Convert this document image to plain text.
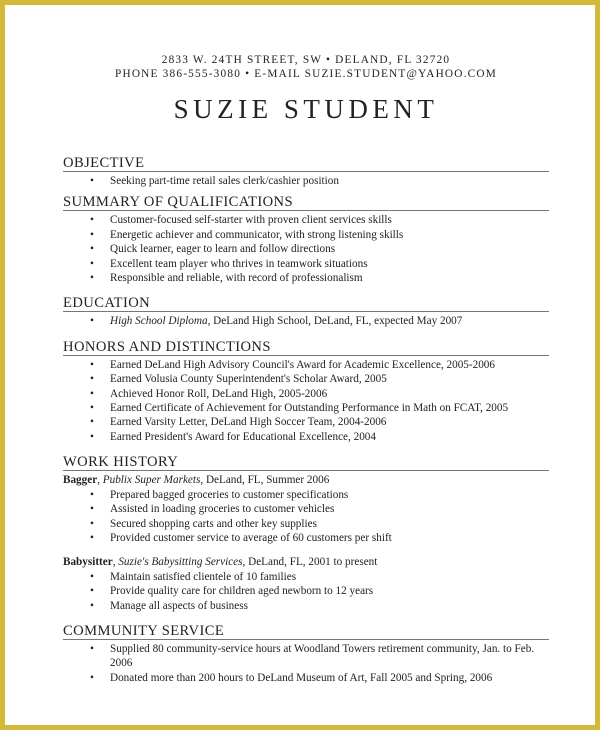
2833 W. 24TH STREET, SW • DELAND, FL 32720
PHONE 386-555-3080 • E-MAIL SUZIE.STUDENT@YAHOO.COM
SUZIE STUDENT
OBJECTIVE
• Seeking part-time retail sales clerk/cashier position
SUMMARY OF QUALIFICATIONS
• Customer-focused self-starter with proven client services skills
• Energetic achiever and communicator, with strong listening skills
• Quick learner, eager to learn and follow directions
• Excellent team player who thrives in teamwork situations
• Responsible and reliable, with record of professionalism
EDUCATION
• High School Diploma, DeLand High School, DeLand, FL, expected May 2007
HONORS AND DISTINCTIONS
• Earned DeLand High Advisory Council's Award for Academic Excellence, 2005-2006
• Earned Volusia County Superintendent's Scholar Award, 2005
• Achieved Honor Roll, DeLand High, 2005-2006
• Earned Certificate of Achievement for Outstanding Performance in Math on FCAT, 2005
• Earned Varsity Letter, DeLand High Soccer Team, 2004-2006
• Earned President's Award for Educational Excellence, 2004
WORK HISTORY
Bagger, Publix Super Markets, DeLand, FL, Summer 2006
• Prepared bagged groceries to customer specifications
• Assisted in loading groceries to customer vehicles
• Secured shopping carts and other key supplies
• Provided customer service to average of 60 customers per shift
Babysitter, Suzie's Babysitting Services, DeLand, FL, 2001 to present
• Maintain satisfied clientele of 10 families
• Provide quality care for children aged newborn to 12 years
• Manage all aspects of business
COMMUNITY SERVICE
• Supplied 80 community-service hours at Woodland Towers retirement community, Jan. to Feb. 2006
• Donated more than 200 hours to DeLand Museum of Art, Fall 2005 and Spring, 2006
